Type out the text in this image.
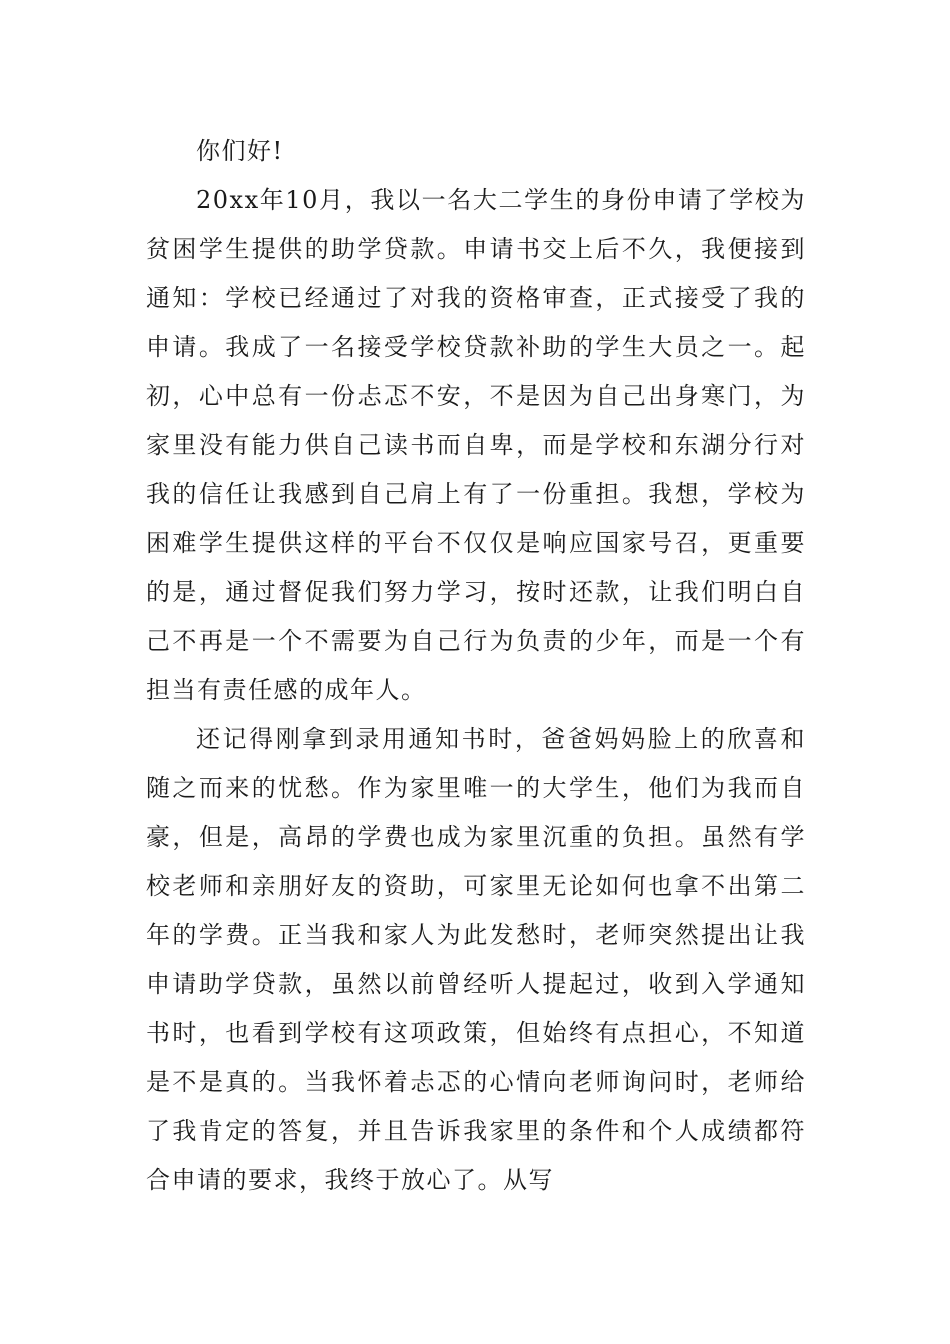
你们好!

20xx年10月，我以一名大二学生的身份申请了学校为贫困学生提供的助学贷款。申请书交上后不久，我便接到通知：学校已经通过了对我的资格审查，正式接受了我的申请。我成了一名接受学校贷款补助的学生大员之一。起初，心中总有一份忐忑不安，不是因为自己出身寒门，为家里没有能力供自己读书而自卑，而是学校和东湖分行对我的信任让我感到自己肩上有了一份重担。我想，学校为困难学生提供这样的平台不仅仅是响应国家号召，更重要的是，通过督促我们努力学习，按时还款，让我们明白自己不再是一个不需要为自己行为负责的少年，而是一个有担当有责任感的成年人。

还记得刚拿到录用通知书时，爸爸妈妈脸上的欣喜和随之而来的忧愁。作为家里唯一的大学生，他们为我而自豪，但是，高昂的学费也成为家里沉重的负担。虽然有学校老师和亲朋好友的资助，可家里无论如何也拿不出第二年的学费。正当我和家人为此发愁时，老师突然提出让我申请助学贷款，虽然以前曾经听人提起过，收到入学通知书时，也看到学校有这项政策，但始终有点担心，不知道是不是真的。当我怀着忐忑的心情向老师询问时，老师给了我肯定的答复，并且告诉我家里的条件和个人成绩都符合申请的要求，我终于放心了。从写
